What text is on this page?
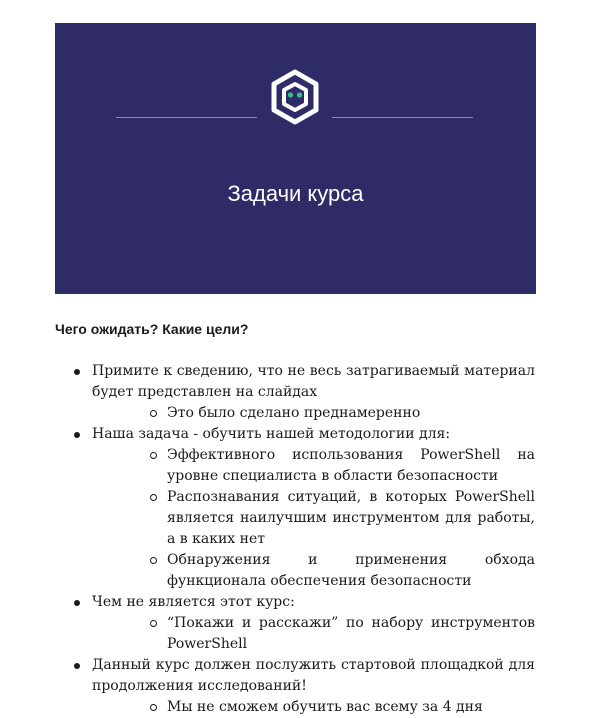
Задачи курса
Чего ожидать? Какие цели?
Примите к сведению, что не весь затрагиваемый материал будет представлен на слайдах
Это было сделано преднамеренно
Наша задача - обучить нашей методологии для:
Эффективного использования PowerShell на уровне специалиста в области безопасности
Распознавания ситуаций, в которых PowerShell является наилучшим инструментом для работы, а в каких нет
Обнаружения и применения обхода функционала обеспечения безопасности
Чем не является этот курс:
“Покажи и расскажи” по набору инструментов PowerShell
Данный курс должен послужить стартовой площадкой для продолжения исследований!
Мы не сможем обучить вас всему за 4 дня
